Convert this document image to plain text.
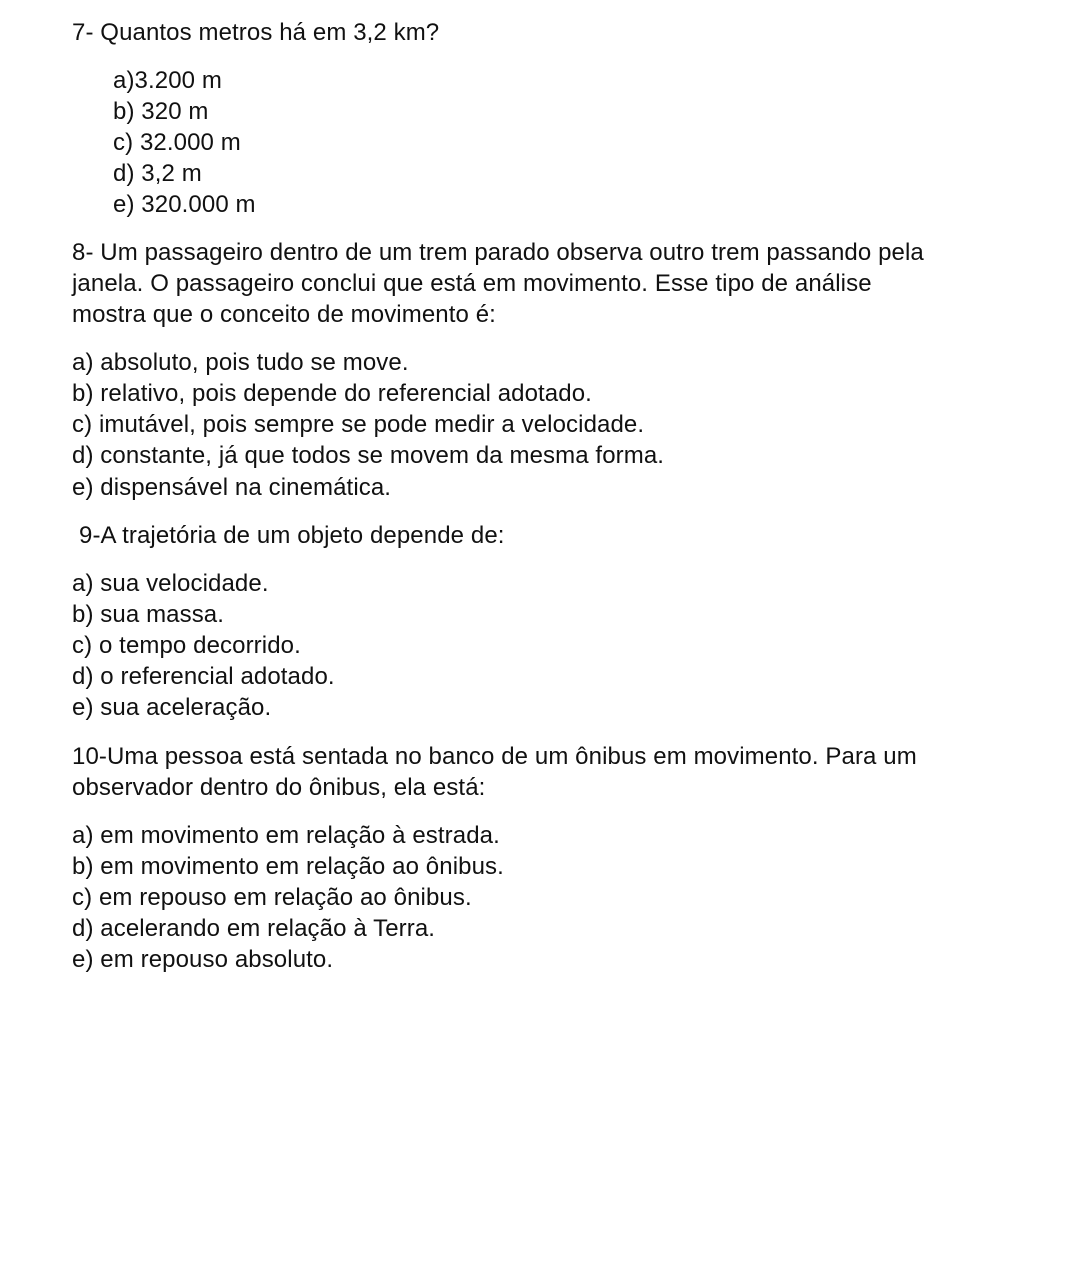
7- Quantos metros há em 3,2 km?
a)3.200 m
b) 320 m
c) 32.000 m
d) 3,2 m
e) 320.000 m
8- Um passageiro dentro de um trem parado observa outro trem passando pela
janela. O passageiro conclui que está em movimento. Esse tipo de análise
mostra que o conceito de movimento é:
a) absoluto, pois tudo se move.
b) relativo, pois depende do referencial adotado.
c) imutável, pois sempre se pode medir a velocidade.
d) constante, já que todos se movem da mesma forma.
e) dispensável na cinemática.
9-A trajetória de um objeto depende de:
a) sua velocidade.
b) sua massa.
c) o tempo decorrido.
d) o referencial adotado.
e) sua aceleração.
10-Uma pessoa está sentada no banco de um ônibus em movimento. Para um
observador dentro do ônibus, ela está:
a) em movimento em relação à estrada.
b) em movimento em relação ao ônibus.
c) em repouso em relação ao ônibus.
d) acelerando em relação à Terra.
e) em repouso absoluto.
